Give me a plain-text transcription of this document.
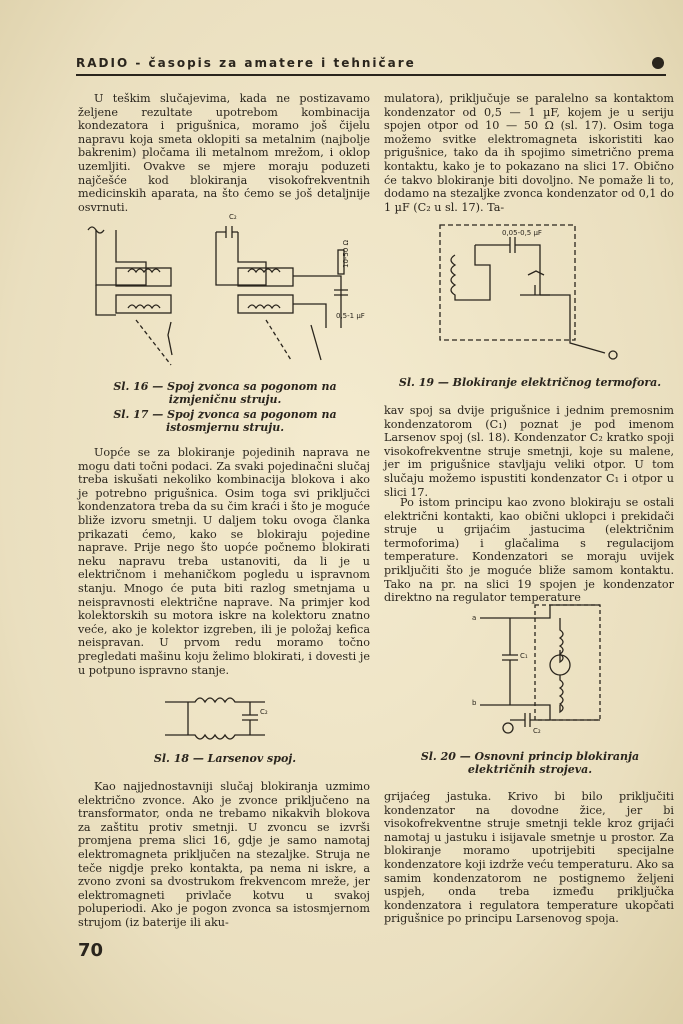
RADIO - časopis za amatere i tehničare

U teškim slučajevima, kada ne postizavamo željene rezultate upotrebom kombinacija kondezatora i prigušnica, moramo još čijelu napravu koja smeta oklopiti sa metalnim (najbolje bakrenim) pločama ili metalnom mrežom, i oklop uzemljiti. Ovakve se mjere moraju poduzeti najčešće kod blokiranja visokofrekventnih medicinskih aparata, na što ćemo se još detaljnije osvrnuti.

C₂
10-50 Ω
0,5-1 µF
Sl. 16 — Spoj zvonca sa pogonom na izmjeničnu struju.
Sl. 17 — Spoj zvonca sa pogonom na istosmjernu struju.

Uopće se za blokiranje pojedinih naprava ne mogu dati točni podaci. Za svaki pojedinačni slučaj treba iskušati nekoliko kombinacija blokova i ako je potrebno prigušnica. Osim toga svi priključci kondenzatora treba da su čim kraći i što je moguće bliže izvoru smetnji. U daljem toku ovoga članka prikazati ćemo, kako se blokiraju pojedine naprave. Prije nego što uopće počnemo blokirati neku napravu treba ustanoviti, da li je u električnom i mehaničkom pogledu u ispravnom stanju. Mnogo će puta biti razlog smetnjama u neispravnosti električne naprave. Na primjer kod kolektorskih su motora iskre na kolektoru znatno veće, ako je kolektor izgreben, ili je položaj kefica neispravan. U prvom redu moramo točno pregledati mašinu koju želimo blokirati, i dovesti je u potpuno ispravno stanje.

C₂
Sl. 18 — Larsenov spoj.

Kao najjednostavniji slučaj blokiranja uzmimo električno zvonce. Ako je zvonce priključeno na transformator, onda ne trebamo nikakvih blokova za zaštitu protiv smetnji. U zvoncu se izvrši promjena prema slici 16, gdje je samo namotaj elektromagneta priključen na stezaljke. Struja ne teče nigdje preko kontakta, pa nema ni iskre, a zvono zvoni sa dvostrukom frekvencom mreže, jer elektromagneti privlače kotvu u svakoj poluperiodi. Ako je pogon zvonca sa istosmjernom strujom (iz baterije ili aku-

mulatora), priključuje se paralelno sa kontaktom kondenzator od 0,5 — 1 µF, kojem je u seriju spojen otpor od 10 — 50 Ω (sl. 17). Osim toga možemo svitke elektromagneta iskoristiti kao prigušnice, tako da ih spojimo simetrično prema kontaktu, kako je to pokazano na slici 17. Obično će takvo blokiranje biti dovoljno. Ne pomaže li to, dodamo na stezaljke zvonca kondenzator od 0,1 do 1 µF (C₂ u sl. 17). Ta-

0,05-0,5 µF
Sl. 19 — Blokiranje električnog termofora.

kav spoj sa dvije prigušnice i jednim premosnim kondenzatorom (C₁) poznat je pod imenom Larsenov spoj (sl. 18). Kondenzator C₂ kratko spoji visokofrekventne struje smetnji, koje su malene, jer im prigušnice stavljaju veliki otpor. U tom slučaju možemo ispustiti kondenzator C₁ i otpor u slici 17.

Po istom principu kao zvono blokiraju se ostali električni kontakti, kao obični uklopci i prekidači struje u grijaćim jastucima (električnim termoforima) i glačalima s regulacijom temperature. Kondenzatori se moraju uvijek priključiti što je moguće bliže samom kontaktu. Tako na pr. na slici 19 spojen je kondenzator direktno na regulator temperature

a
b
C₁
C₂
Sl. 20 — Osnovni princip blokiranja električnih strojeva.

grijaćeg jastuka. Krivo bi bilo priključiti kondenzator na dovodne žice, jer bi visokofrekventne struje smetnji tekle kroz grijaći namotaj u jastuku i isijavale smetnje u prostor. Za blokiranje moramo upotrijebiti specijalne kondenzatore koji izdrže veću temperaturu. Ako sa samim kondenzatorom ne postignemo željeni uspjeh, onda treba između priključka kondenzatora i regulatora temperature ukopčati prigušnice po principu Larsenovog spoja.

70
